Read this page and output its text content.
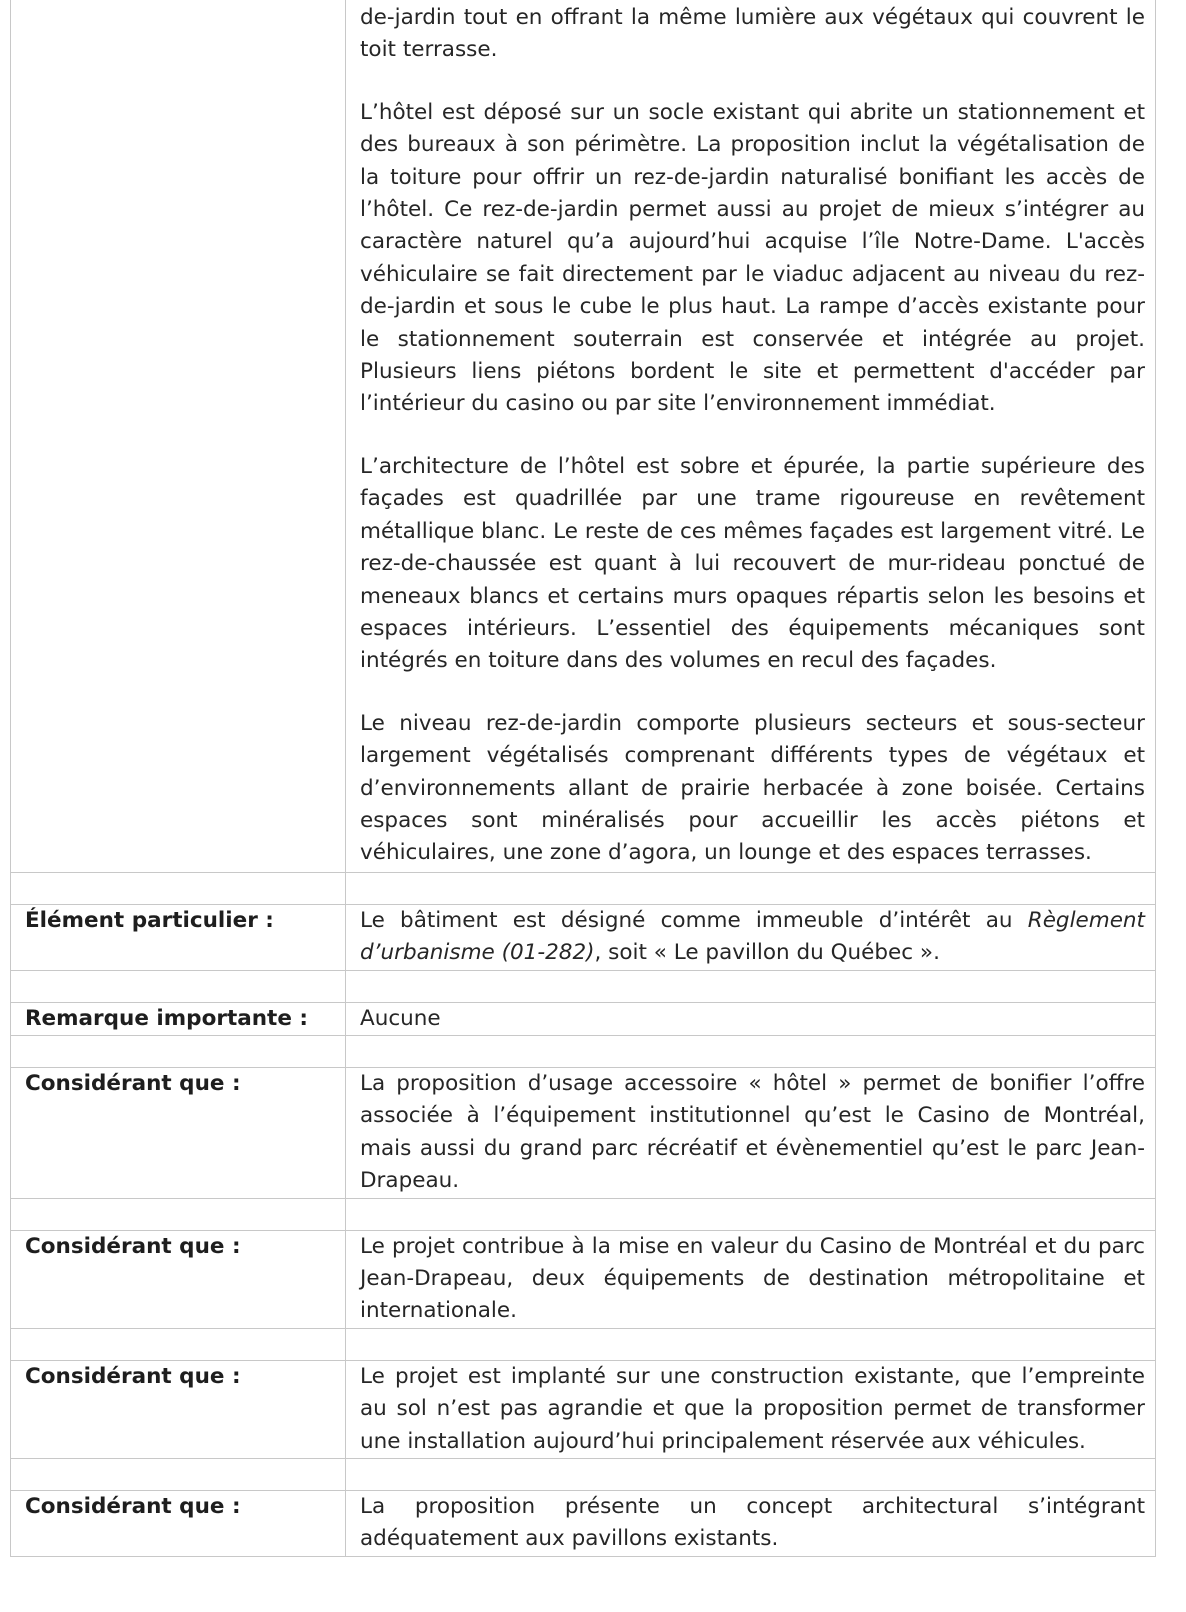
	de-jardin tout en offrant la même lumière aux végétaux qui couvrent le toit terrasse.

L’hôtel est déposé sur un socle existant qui abrite un stationnement et des bureaux à son périmètre. La proposition inclut la végétalisation de la toiture pour offrir un rez-de-jardin naturalisé bonifiant les accès de l’hôtel. Ce rez-de-jardin permet aussi au projet de mieux s’intégrer au caractère naturel qu’a aujourd’hui acquise l’île Notre-Dame. L'accès véhiculaire se fait directement par le viaduc adjacent au niveau du rez-de-jardin et sous le cube le plus haut. La rampe d’accès existante pour le stationnement souterrain est conservée et intégrée au projet. Plusieurs liens piétons bordent le site et permettent d'accéder par l’intérieur du casino ou par site l’environnement immédiat.

L’architecture de l’hôtel est sobre et épurée, la partie supérieure des façades est quadrillée par une trame rigoureuse en revêtement métallique blanc. Le reste de ces mêmes façades est largement vitré. Le rez-de-chaussée est quant à lui recouvert de mur-rideau ponctué de meneaux blancs et certains murs opaques répartis selon les besoins et espaces intérieurs. L’essentiel des équipements mécaniques sont intégrés en toiture dans des volumes en recul des façades.

Le niveau rez-de-jardin comporte plusieurs secteurs et sous-secteur largement végétalisés comprenant différents types de végétaux et d’environnements allant de prairie herbacée à zone boisée. Certains espaces sont minéralisés pour accueillir les accès piétons et véhiculaires, une zone d’agora, un lounge et des espaces terrasses.

Élément particulier :	Le bâtiment est désigné comme immeuble d’intérêt au Règlement d’urbanisme (01-282), soit « Le pavillon du Québec ».

Remarque importante :	Aucune

Considérant que :	La proposition d’usage accessoire « hôtel » permet de bonifier l’offre associée à l’équipement institutionnel qu’est le Casino de Montréal, mais aussi du grand parc récréatif et évènementiel qu’est le parc Jean-Drapeau.

Considérant que :	Le projet contribue à la mise en valeur du Casino de Montréal et du parc Jean-Drapeau, deux équipements de destination métropolitaine et internationale.

Considérant que :	Le projet est implanté sur une construction existante, que l’empreinte au sol n’est pas agrandie et que la proposition permet de transformer une installation aujourd’hui principalement réservée aux véhicules.

Considérant que :	La proposition présente un concept architectural s’intégrant adéquatement aux pavillons existants.
